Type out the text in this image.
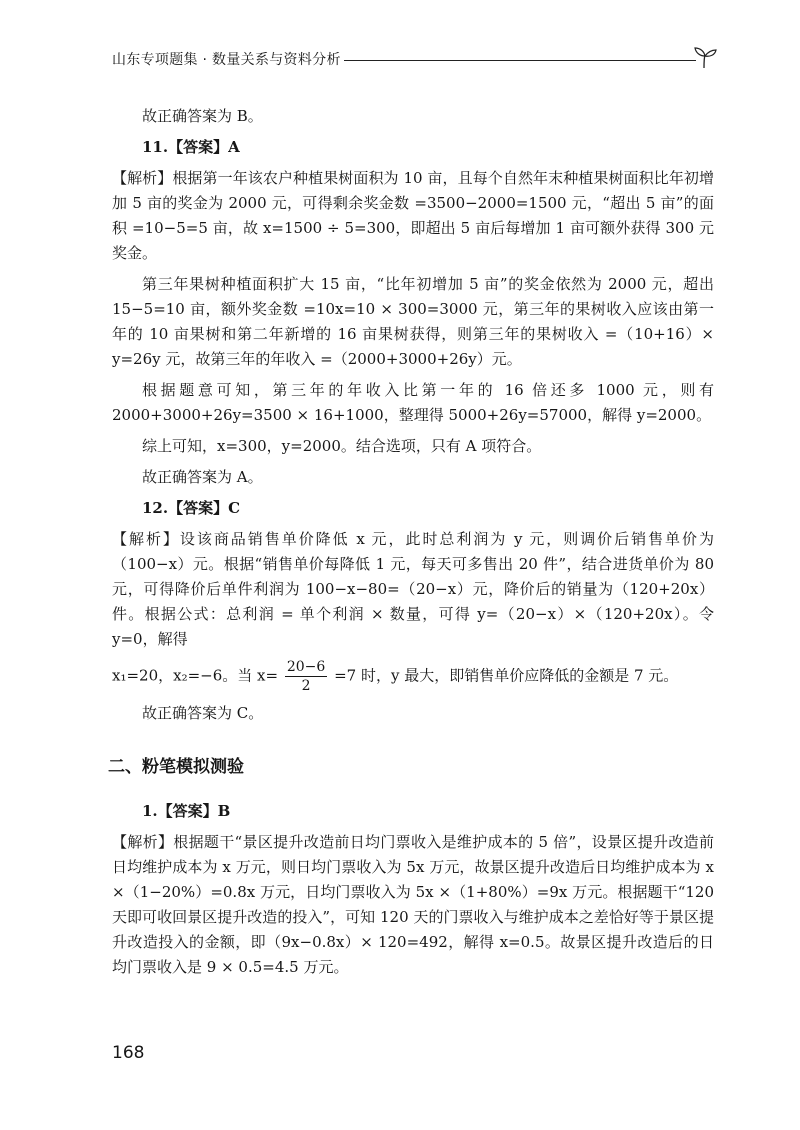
山东专项题集 · 数量关系与资料分析

故正确答案为 B。

11.【答案】A

【解析】根据第一年该农户种植果树面积为 10 亩，且每个自然年末种植果树面积比年初增加 5 亩的奖金为 2000 元，可得剩余奖金数 =3500−2000=1500 元，“超出 5 亩”的面积 =10−5=5 亩，故 x=1500 ÷ 5=300，即超出 5 亩后每增加 1 亩可额外获得 300 元奖金。

第三年果树种植面积扩大 15 亩，“比年初增加 5 亩”的奖金依然为 2000 元，超出 15−5=10 亩，额外奖金数 =10x=10 × 300=3000 元，第三年的果树收入应该由第一年的 10 亩果树和第二年新增的 16 亩果树获得，则第三年的果树收入 =（10+16）× y=26y 元，故第三年的年收入 =（2000+3000+26y）元。

根据题意可知，第三年的年收入比第一年的 16 倍还多 1000 元，则有 2000+3000+26y=3500 × 16+1000，整理得 5000+26y=57000，解得 y=2000。

综上可知，x=300，y=2000。结合选项，只有 A 项符合。

故正确答案为 A。

12.【答案】C

【解析】设该商品销售单价降低 x 元，此时总利润为 y 元，则调价后销售单价为（100−x）元。根据“销售单价每降低 1 元，每天可多售出 20 件”，结合进货单价为 80 元，可得降价后单件利润为 100−x−80=（20−x）元，降价后的销量为（120+20x）件。根据公式：总利润 = 单个利润 × 数量，可得 y=（20−x）×（120+20x）。令 y=0，解得

x₁=20，x₂=−6。当 $x= \frac{20-6}{2} =7$ 时，y 最大，即销售单价应降低的金额是 7 元。

故正确答案为 C。

二、粉笔模拟测验

1.【答案】B

【解析】根据题干“景区提升改造前日均门票收入是维护成本的 5 倍”，设景区提升改造前日均维护成本为 x 万元，则日均门票收入为 5x 万元，故景区提升改造后日均维护成本为 x ×（1−20%）=0.8x 万元，日均门票收入为 5x ×（1+80%）=9x 万元。根据题干“120 天即可收回景区提升改造的投入”，可知 120 天的门票收入与维护成本之差恰好等于景区提升改造投入的金额，即（9x−0.8x）× 120=492，解得 x=0.5。故景区提升改造后的日均门票收入是 9 × 0.5=4.5 万元。

168
